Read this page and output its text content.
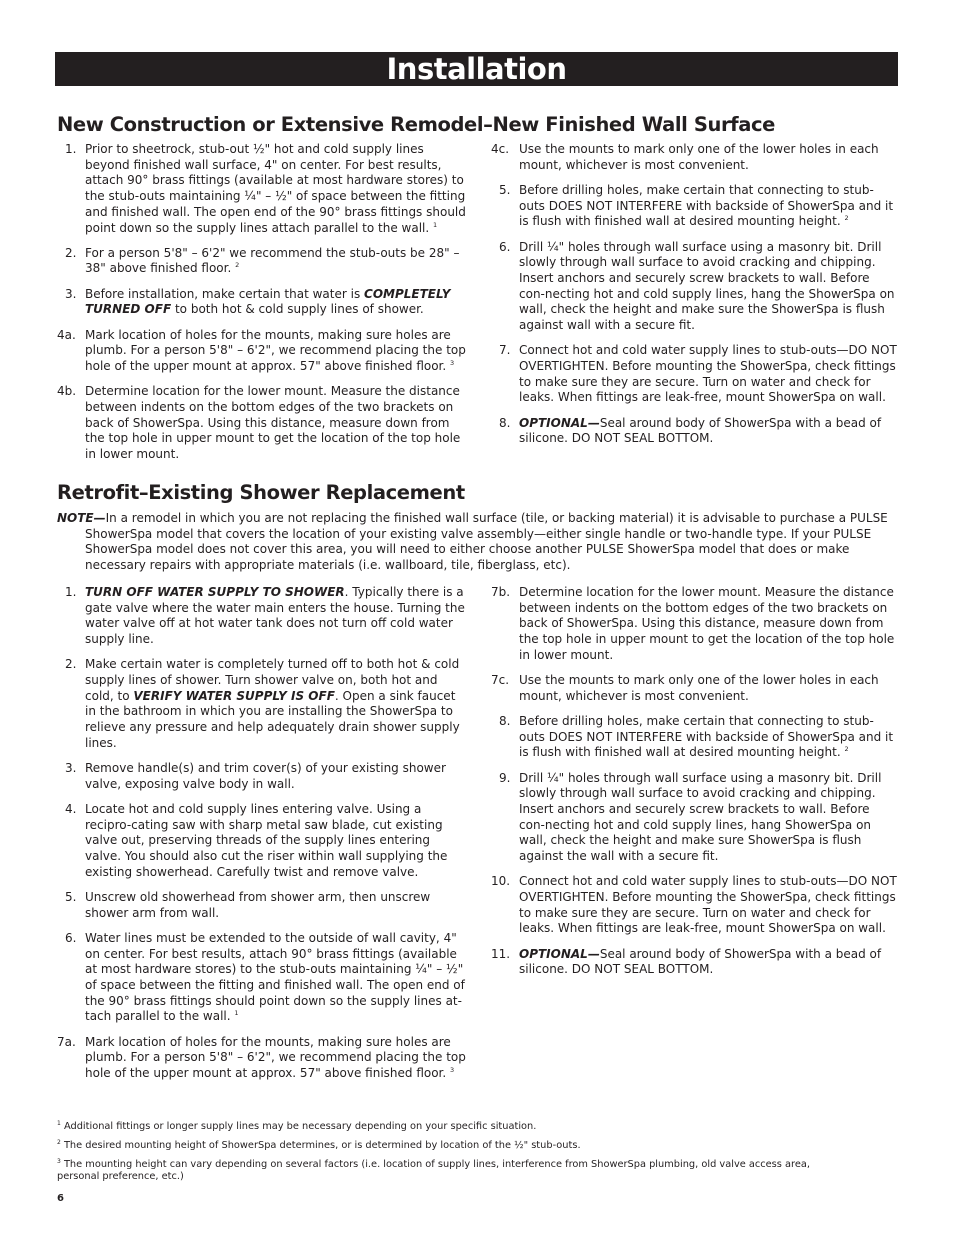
Installation
New Construction or Extensive Remodel–New Finished Wall Surface
1. Prior to sheetrock, stub-out ½" hot and cold supply lines beyond finished wall surface, 4" on center. For best results, attach 90° brass fittings (available at most hardware stores) to the stub-outs maintaining ¼" – ½" of space between the fitting and finished wall. The open end of the 90° brass fittings should point down so the supply lines attach parallel to the wall. $^1$
2. For a person 5'8" – 6'2" we recommend the stub-outs be 28" – 38" above finished floor. $^2$
3. Before installation, make certain that water is COMPLETELY TURNED OFF to both hot & cold supply lines of shower.
4a. Mark location of holes for the mounts, making sure holes are plumb. For a person 5'8" – 6'2", we recommend placing the top hole of the upper mount at approx. 57" above finished floor. $^3$
4b. Determine location for the lower mount. Measure the distance between indents on the bottom edges of the two brackets on back of ShowerSpa. Using this distance, measure down from the top hole in upper mount to get the location of the top hole in lower mount.
4c. Use the mounts to mark only one of the lower holes in each mount, whichever is most convenient.
5. Before drilling holes, make certain that connecting to stub-outs DOES NOT INTERFERE with backside of ShowerSpa and it is flush with finished wall at desired mounting height. $^2$
6. Drill ¼" holes through wall surface using a masonry bit. Drill slowly through wall surface to avoid cracking and chipping. Insert anchors and securely screw brackets to wall. Before con-necting hot and cold supply lines, hang the ShowerSpa on wall, check the height and make sure the ShowerSpa is flush against wall with a secure fit.
7. Connect hot and cold water supply lines to stub-outs—DO NOT OVERTIGHTEN. Before mounting the ShowerSpa, check fittings to make sure they are secure. Turn on water and check for leaks. When fittings are leak-free, mount ShowerSpa on wall.
8. OPTIONAL—Seal around body of ShowerSpa with a bead of silicone. DO NOT SEAL BOTTOM.
Retrofit–Existing Shower Replacement
NOTE—In a remodel in which you are not replacing the finished wall surface (tile, or backing material) it is advisable to purchase a PULSE ShowerSpa model that covers the location of your existing valve assembly—either single handle or two-handle type. If your PULSE ShowerSpa model does not cover this area, you will need to either choose another PULSE ShowerSpa model that does or make necessary repairs with appropriate materials (i.e. wallboard, tile, fiberglass, etc).
1. TURN OFF WATER SUPPLY TO SHOWER. Typically there is a gate valve where the water main enters the house. Turning the water valve off at hot water tank does not turn off cold water supply line.
2. Make certain water is completely turned off to both hot & cold supply lines of shower. Turn shower valve on, both hot and cold, to VERIFY WATER SUPPLY IS OFF. Open a sink faucet in the bathroom in which you are installing the ShowerSpa to relieve any pressure and help adequately drain shower supply lines.
3. Remove handle(s) and trim cover(s) of your existing shower valve, exposing valve body in wall.
4. Locate hot and cold supply lines entering valve. Using a recipro-cating saw with sharp metal saw blade, cut existing valve out, preserving threads of the supply lines entering valve. You should also cut the riser within wall supplying the existing showerhead. Carefully twist and remove valve.
5. Unscrew old showerhead from shower arm, then unscrew shower arm from wall.
6. Water lines must be extended to the outside of wall cavity, 4" on center. For best results, attach 90° brass fittings (available at most hardware stores) to the stub-outs maintaining ¼" – ½" of space between the fitting and finished wall. The open end of the 90° brass fittings should point down so the supply lines at-tach parallel to the wall. $^1$
7a. Mark location of holes for the mounts, making sure holes are plumb. For a person 5'8" – 6'2", we recommend placing the top hole of the upper mount at approx. 57" above finished floor. $^3$
7b. Determine location for the lower mount. Measure the distance between indents on the bottom edges of the two brackets on back of ShowerSpa. Using this distance, measure down from the top hole in upper mount to get the location of the top hole in lower mount.
7c. Use the mounts to mark only one of the lower holes in each mount, whichever is most convenient.
8. Before drilling holes, make certain that connecting to stub-outs DOES NOT INTERFERE with backside of ShowerSpa and it is flush with finished wall at desired mounting height. $^2$
9. Drill ¼" holes through wall surface using a masonry bit. Drill slowly through wall surface to avoid cracking and chipping. Insert anchors and securely screw brackets to wall. Before con-necting hot and cold supply lines, hang ShowerSpa on wall, check the height and make sure ShowerSpa is flush against the wall with a secure fit.
10. Connect hot and cold water supply lines to stub-outs—DO NOT OVERTIGHTEN. Before mounting the ShowerSpa, check fittings to make sure they are secure. Turn on water and check for leaks. When fittings are leak-free, mount ShowerSpa on wall.
11. OPTIONAL—Seal around body of ShowerSpa with a bead of silicone. DO NOT SEAL BOTTOM.
$^1$ Additional fittings or longer supply lines may be necessary depending on your specific situation.
$^2$ The desired mounting height of ShowerSpa determines, or is determined by location of the ½" stub-outs.
$^3$ The mounting height can vary depending on several factors (i.e. location of supply lines, interference from ShowerSpa plumbing, old valve access area, personal preference, etc.)
6
